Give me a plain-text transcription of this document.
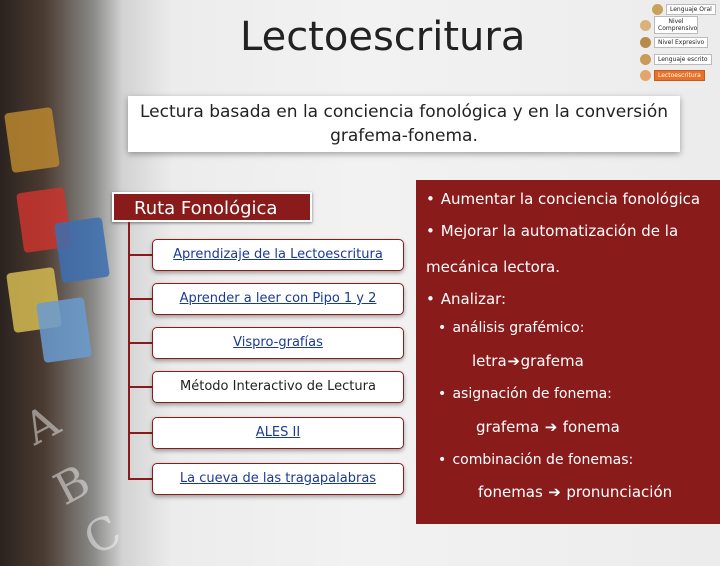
A
B
C
Lectoescritura
Lenguaje Oral
Nivel Comprensivo
Nivel Expresivo
Lenguaje escrito
Lectoescritura
Lectura basada en la conciencia fonológica y en la conversión grafema-fonema.
Ruta Fonológica
Aprendizaje de la Lectoescritura
Aprender a leer con Pipo 1 y 2
Vispro-grafías
Método Interactivo de Lectura
ALES II
La cueva de las tragapalabras
• Aumentar la conciencia fonológica
• Mejorar la automatización de la
mecánica lectora.
• Analizar:
• análisis grafémico:
letra➔grafema
• asignación de fonema:
grafema ➔ fonema
• combinación de fonemas:
fonemas ➔ pronunciación
